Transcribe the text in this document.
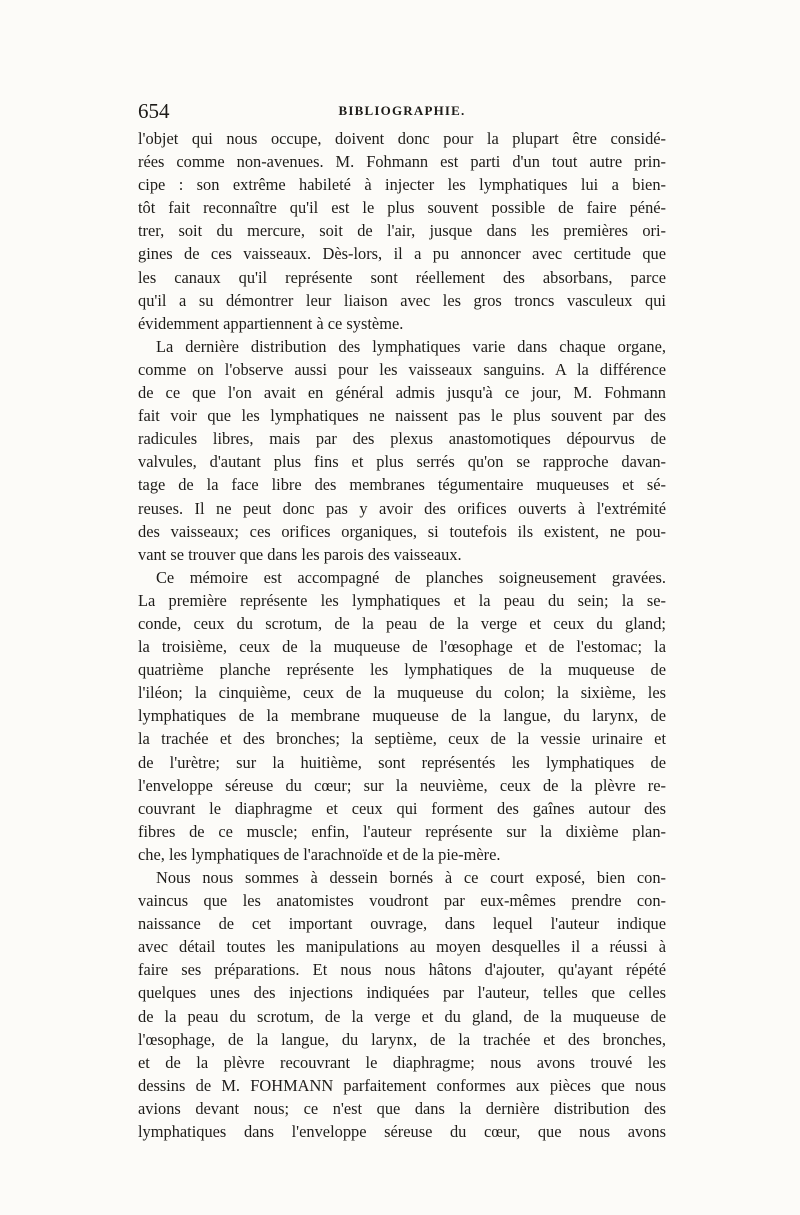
654	BIBLIOGRAPHIE.
l'objet qui nous occupe, doivent donc pour la plupart être considé-
rées comme non-avenues. M. Fohmann est parti d'un tout autre prin-
cipe : son extrême habileté à injecter les lymphatiques lui a bien-
tôt fait reconnaître qu'il est le plus souvent possible de faire péné-
trer, soit du mercure, soit de l'air, jusque dans les premières ori-
gines de ces vaisseaux. Dès-lors, il a pu annoncer avec certitude que
les canaux qu'il représente sont réellement des absorbans, parce
qu'il a su démontrer leur liaison avec les gros troncs vasculeux qui
évidemment appartiennent à ce système.
La dernière distribution des lymphatiques varie dans chaque organe,
comme on l'observe aussi pour les vaisseaux sanguins. A la différence
de ce que l'on avait en général admis jusqu'à ce jour, M. Fohmann
fait voir que les lymphatiques ne naissent pas le plus souvent par des
radicules libres, mais par des plexus anastomotiques dépourvus de
valvules, d'autant plus fins et plus serrés qu'on se rapproche davan-
tage de la face libre des membranes tégumentaire muqueuses et sé-
reuses. Il ne peut donc pas y avoir des orifices ouverts à l'extrémité
des vaisseaux; ces orifices organiques, si toutefois ils existent, ne pou-
vant se trouver que dans les parois des vaisseaux.
Ce mémoire est accompagné de planches soigneusement gravées.
La première représente les lymphatiques et la peau du sein; la se-
conde, ceux du scrotum, de la peau de la verge et ceux du gland;
la troisième, ceux de la muqueuse de l'œsophage et de l'estomac; la
quatrième planche représente les lymphatiques de la muqueuse de
l'iléon; la cinquième, ceux de la muqueuse du colon; la sixième, les
lymphatiques de la membrane muqueuse de la langue, du larynx, de
la trachée et des bronches; la septième, ceux de la vessie urinaire et
de l'urètre; sur la huitième, sont représentés les lymphatiques de
l'enveloppe séreuse du cœur; sur la neuvième, ceux de la plèvre re-
couvrant le diaphragme et ceux qui forment des gaînes autour des
fibres de ce muscle; enfin, l'auteur représente sur la dixième plan-
che, les lymphatiques de l'arachnoïde et de la pie-mère.
Nous nous sommes à dessein bornés à ce court exposé, bien con-
vaincus que les anatomistes voudront par eux-mêmes prendre con-
naissance de cet important ouvrage, dans lequel l'auteur indique
avec détail toutes les manipulations au moyen desquelles il a réussi à
faire ses préparations. Et nous nous hâtons d'ajouter, qu'ayant répété
quelques unes des injections indiquées par l'auteur, telles que celles
de la peau du scrotum, de la verge et du gland, de la muqueuse de
l'œsophage, de la langue, du larynx, de la trachée et des bronches,
et de la plèvre recouvrant le diaphragme; nous avons trouvé les
dessins de M. FOHMANN parfaitement conformes aux pièces que nous
avions devant nous; ce n'est que dans la dernière distribution des
lymphatiques dans l'enveloppe séreuse du cœur, que nous avons
